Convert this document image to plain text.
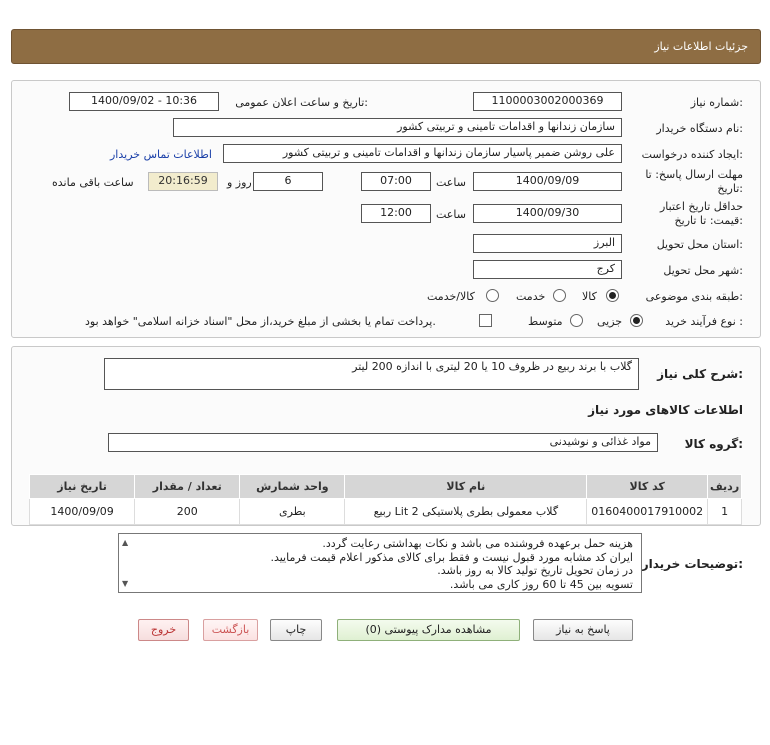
جزئیات اطلاعات نیاز
شماره نیاز:
1100003002000369
تاریخ و ساعت اعلان عمومی:
1400/09/02 - 10:36
نام دستگاه خریدار:
سازمان زندانها و اقدامات تامینی و تربیتی کشور
ایجاد کننده درخواست:
علی روشن ضمیر پاسیار سازمان زندانها و اقدامات تامینی و تربیتی کشور
اطلاعات تماس خریدار
مهلت ارسال پاسخ: تا تاریخ:
1400/09/09
ساعت
07:00
6
روز و
20:16:59
ساعت باقی مانده
حداقل تاریخ اعتبار قیمت: تا تاریخ:
1400/09/30
ساعت
12:00
استان محل تحویل:
البرز
شهر محل تحویل:
کرج
طبقه بندی موضوعی:
کالا
خدمت
کالا/خدمت
نوع فرآیند خرید :
جزیی
متوسط
پرداخت تمام یا بخشی از مبلغ خرید،از محل "اسناد خزانه اسلامی" خواهد بود.
شرح کلی نیاز:
گلاب با برند ربیع در ظروف 10 یا 20 لیتری با اندازه 200 لیتر
اطلاعات کالاهای مورد نیاز
گروه کالا:
مواد غذائی و نوشیدنی
ردیف	کد کالا	نام کالا	واحد شمارش	تعداد / مقدار	تاریخ نیاز
1	0160400017910002	گلاب معمولی بطری پلاستیکی 2 Lit ربیع	بطری	200	1400/09/09
توضیحات خریدار:
هزینه حمل برعهده فروشنده می باشد و نکات بهداشتی رعایت گردد.
ایران کد مشابه مورد قبول نیست و فقط برای کالای مذکور اعلام قیمت فرمایید.
در زمان تحویل تاریخ تولید کالا به روز باشد.
تسویه بین 45 تا 60 روز کاری می باشد.
▲
▼
پاسخ به نیاز
مشاهده مدارک پیوستی (0)
چاپ
بازگشت
خروج
